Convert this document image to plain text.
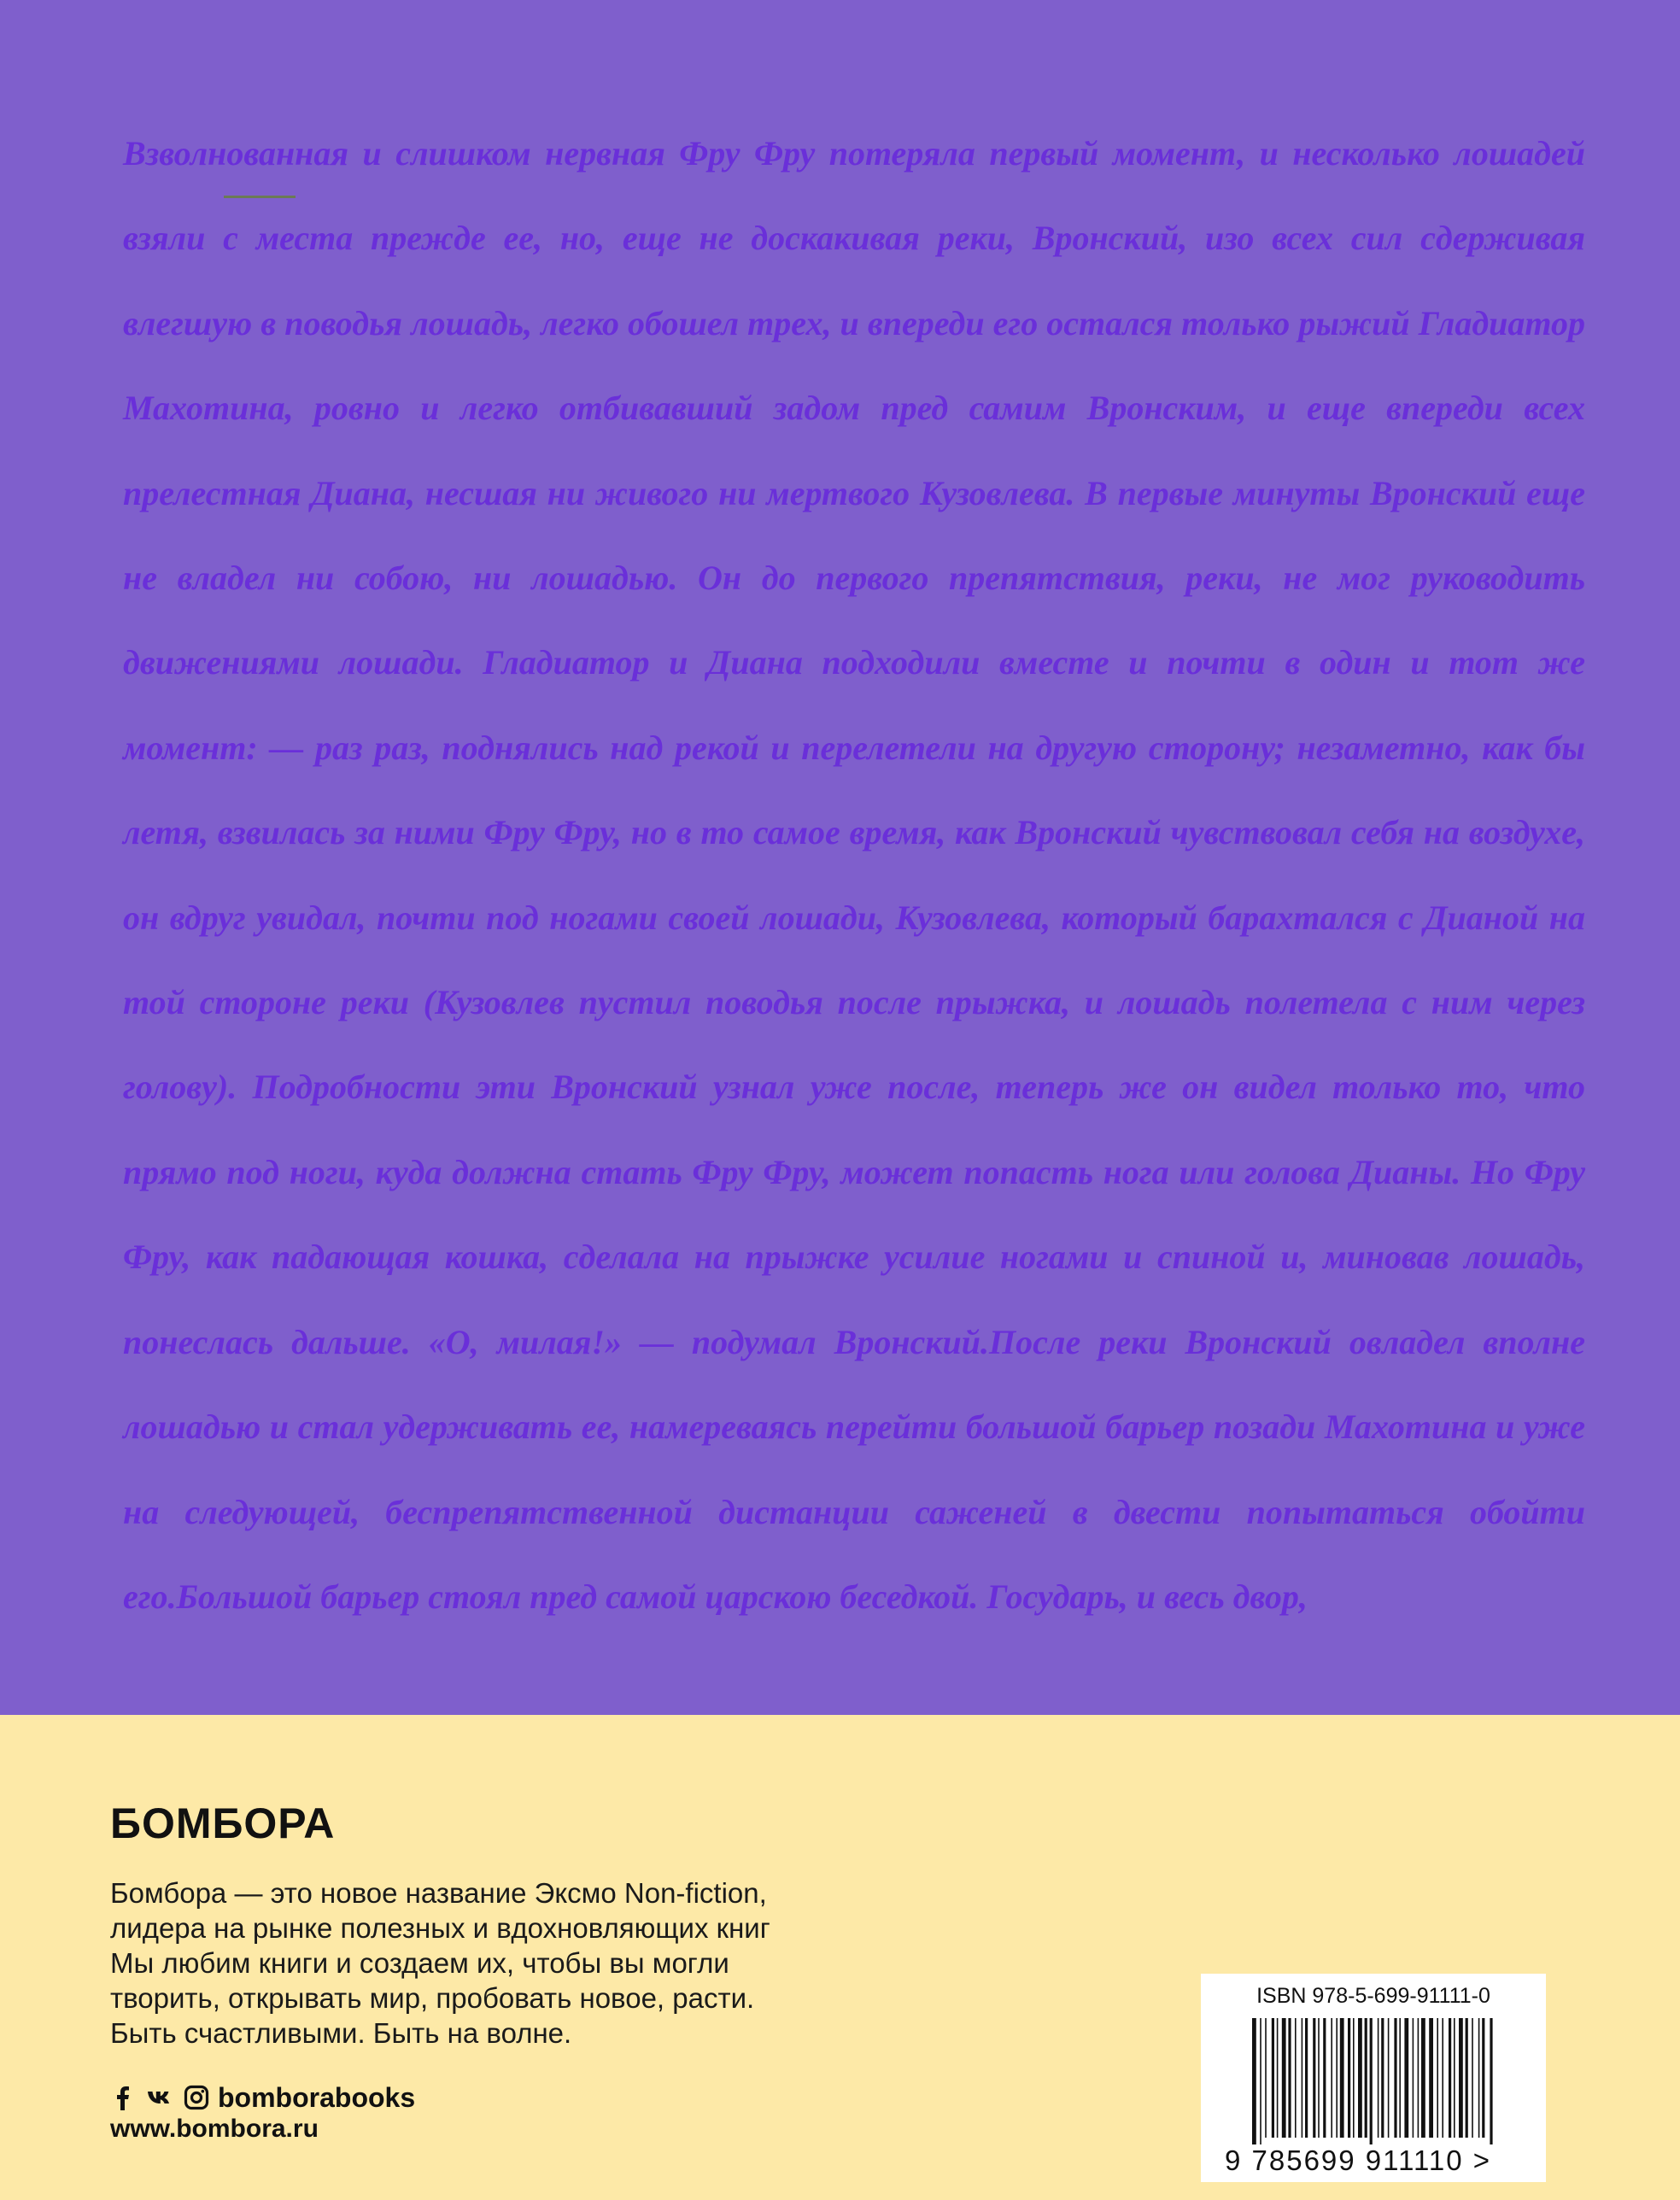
Взволнованная и слишком нервная Фру Фру потеряла первый момент, и несколько лошадей взяли с места прежде ее, но, еще не доскакивая реки, Вронский, изо всех сил сдерживая влегшую в поводья лошадь, легко обошел трех, и впереди его остался только рыжий Гладиатор Махотина, ровно и легко отбивавший задом пред самим Вронским, и еще впереди всех прелестная Диана, несшая ни живого ни мертвого Кузовлева. В первые минуты Вронский еще не владел ни собою, ни лошадью. Он до первого препятствия, реки, не мог руководить движениями лошади. Гладиатор и Диана подходили вместе и почти в один и тот же момент: — раз раз, поднялись над рекой и перелетели на другую сторону; незаметно, как бы летя, взвилась за ними Фру Фру, но в то самое время, как Вронский чувствовал себя на воздухе, он вдруг увидал, почти под ногами своей лошади, Кузовлева, который барахтался с Дианой на той стороне реки (Кузовлев пустил поводья после прыжка, и лошадь полетела с ним через голову). Подробности эти Вронский узнал уже после, теперь же он видел только то, что прямо под ноги, куда должна стать Фру Фру, может попасть нога или голова Дианы. Но Фру Фру, как падающая кошка, сделала на прыжке усилие ногами и спиной и, миновав лошадь, понеслась дальше. «О, милая!» — подумал Вронский.После реки Вронский овладел вполне лошадью и стал удерживать ее, намереваясь перейти большой барьер позади Махотина и уже на следующей, беспрепятственной дистанции саженей в двести попытаться обойти его.Большой барьер стоял пред самой царскою беседкой. Государь, и весь двор,

БОМБОРА
Бомбора — это новое название Эксмо Non-fiction,
лидера на рынке полезных и вдохновляющих книг
Мы любим книги и создаем их, чтобы вы могли
творить, открывать мир, пробовать новое, расти.
Быть счастливыми. Быть на волне.
bomborabooks
www.bombora.ru
ISBN 978-5-699-91111-0
9 785699 911110 >
